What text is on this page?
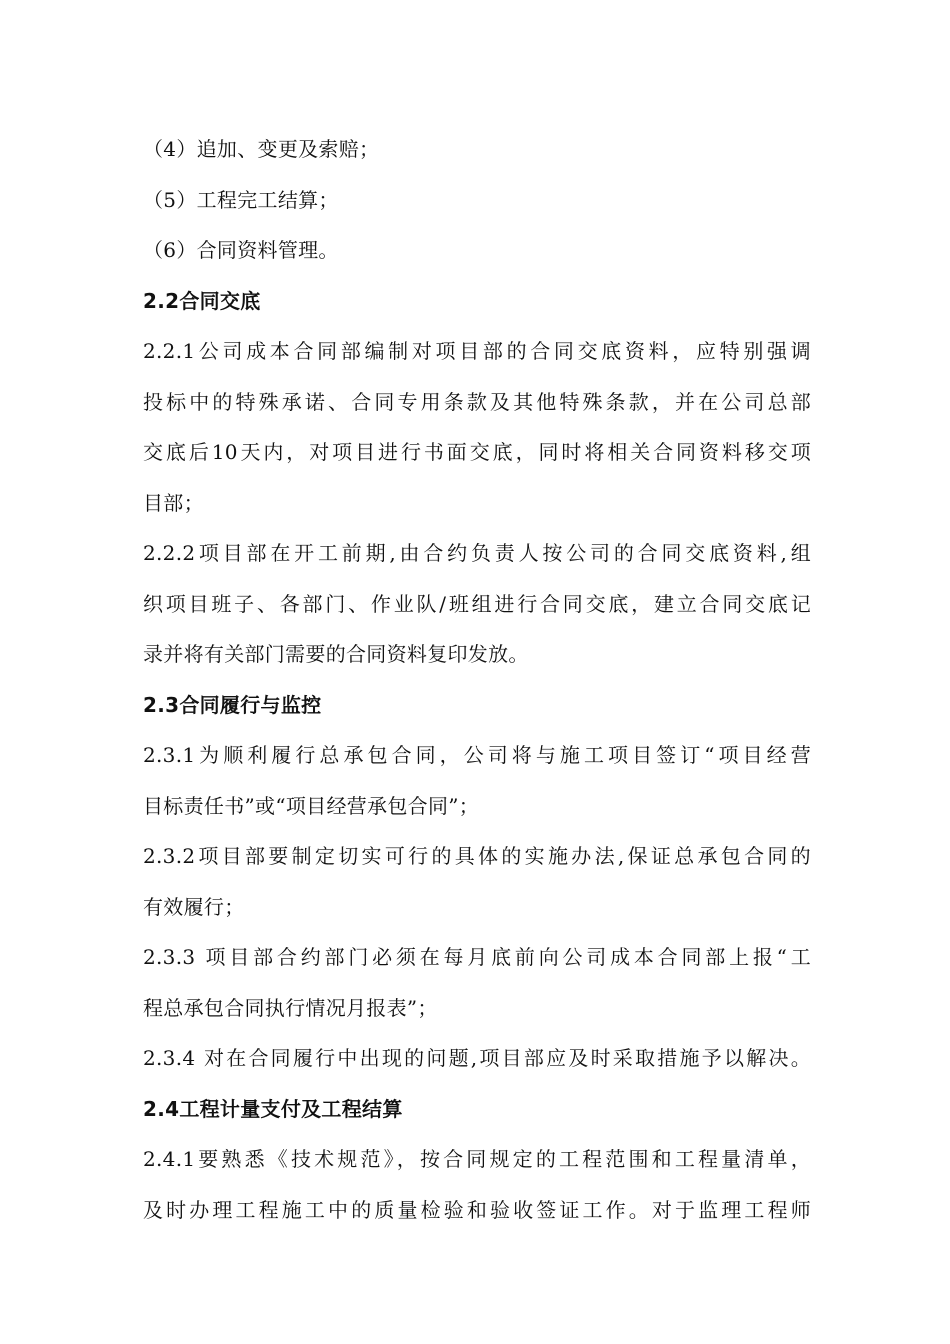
（4）追加、变更及索赔；
（5）工程完工结算；
（6）合同资料管理。
2.2合同交底
2.2.1公司成本合同部编制对项目部的合同交底资料，应特别强调
投标中的特殊承诺、合同专用条款及其他特殊条款，并在公司总部
交底后10天内，对项目进行书面交底，同时将相关合同资料移交项
目部；
2.2.2项目部在开工前期,由合约负责人按公司的合同交底资料,组
织项目班子、各部门、作业队/班组进行合同交底，建立合同交底记
录并将有关部门需要的合同资料复印发放。
2.3合同履行与监控
2.3.1为顺利履行总承包合同，公司将与施工项目签订“项目经营
目标责任书”或“项目经营承包合同”；
2.3.2项目部要制定切实可行的具体的实施办法,保证总承包合同的
有效履行；
2.3.3 项目部合约部门必须在每月底前向公司成本合同部上报“工
程总承包合同执行情况月报表”；
2.3.4 对在合同履行中出现的问题,项目部应及时采取措施予以解决。
2.4工程计量支付及工程结算
2.4.1要熟悉《技术规范》，按合同规定的工程范围和工程量清单，
及时办理工程施工中的质量检验和验收签证工作。对于监理工程师
